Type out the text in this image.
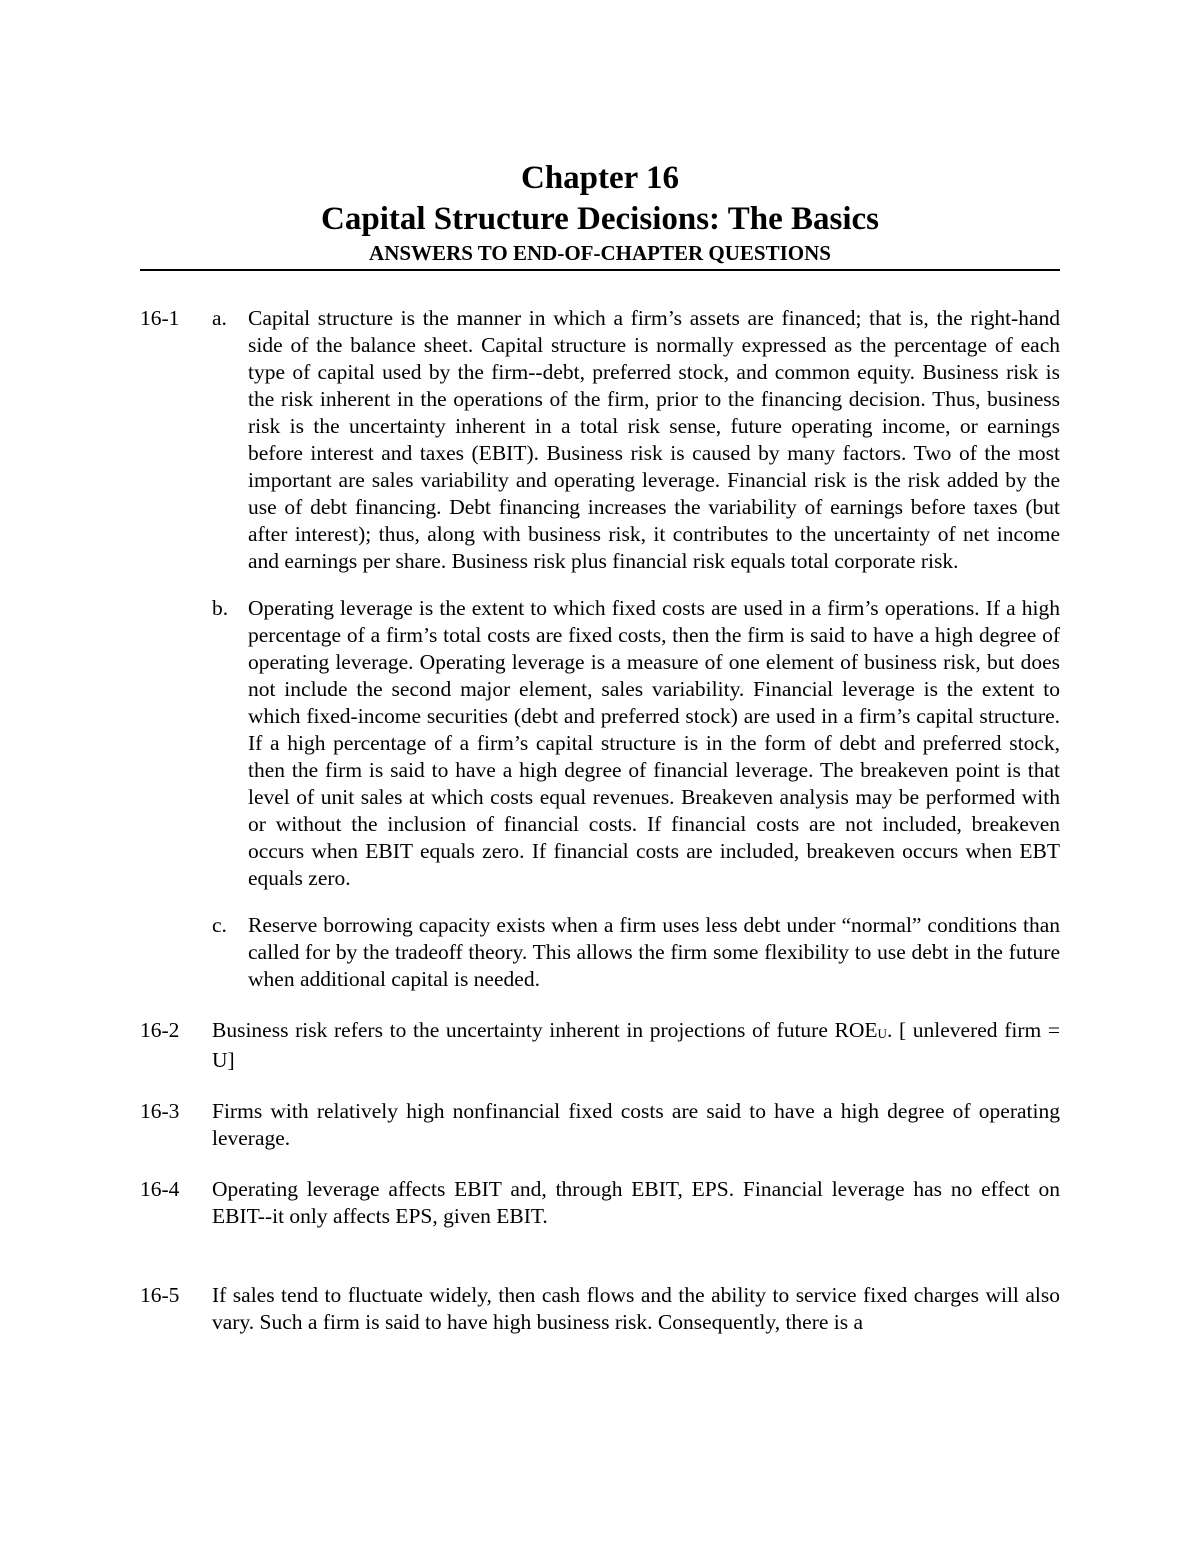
Chapter 16
Capital Structure Decisions: The Basics
ANSWERS TO END-OF-CHAPTER QUESTIONS
16-1 a. Capital structure is the manner in which a firm’s assets are financed; that is, the right-hand side of the balance sheet. Capital structure is normally expressed as the percentage of each type of capital used by the firm--debt, preferred stock, and common equity. Business risk is the risk inherent in the operations of the firm, prior to the financing decision. Thus, business risk is the uncertainty inherent in a total risk sense, future operating income, or earnings before interest and taxes (EBIT). Business risk is caused by many factors. Two of the most important are sales variability and operating leverage. Financial risk is the risk added by the use of debt financing. Debt financing increases the variability of earnings before taxes (but after interest); thus, along with business risk, it contributes to the uncertainty of net income and earnings per share. Business risk plus financial risk equals total corporate risk.
b. Operating leverage is the extent to which fixed costs are used in a firm’s operations. If a high percentage of a firm’s total costs are fixed costs, then the firm is said to have a high degree of operating leverage. Operating leverage is a measure of one element of business risk, but does not include the second major element, sales variability. Financial leverage is the extent to which fixed-income securities (debt and preferred stock) are used in a firm’s capital structure. If a high percentage of a firm’s capital structure is in the form of debt and preferred stock, then the firm is said to have a high degree of financial leverage. The breakeven point is that level of unit sales at which costs equal revenues. Breakeven analysis may be performed with or without the inclusion of financial costs. If financial costs are not included, breakeven occurs when EBIT equals zero. If financial costs are included, breakeven occurs when EBT equals zero.
c. Reserve borrowing capacity exists when a firm uses less debt under “normal” conditions than called for by the tradeoff theory. This allows the firm some flexibility to use debt in the future when additional capital is needed.
16-2 Business risk refers to the uncertainty inherent in projections of future $ROE_U$. [ unlevered firm = U]
16-3 Firms with relatively high nonfinancial fixed costs are said to have a high degree of operating leverage.
16-4 Operating leverage affects EBIT and, through EBIT, EPS. Financial leverage has no effect on EBIT--it only affects EPS, given EBIT.
16-5 If sales tend to fluctuate widely, then cash flows and the ability to service fixed charges will also vary. Such a firm is said to have high business risk. Consequently, there is a
